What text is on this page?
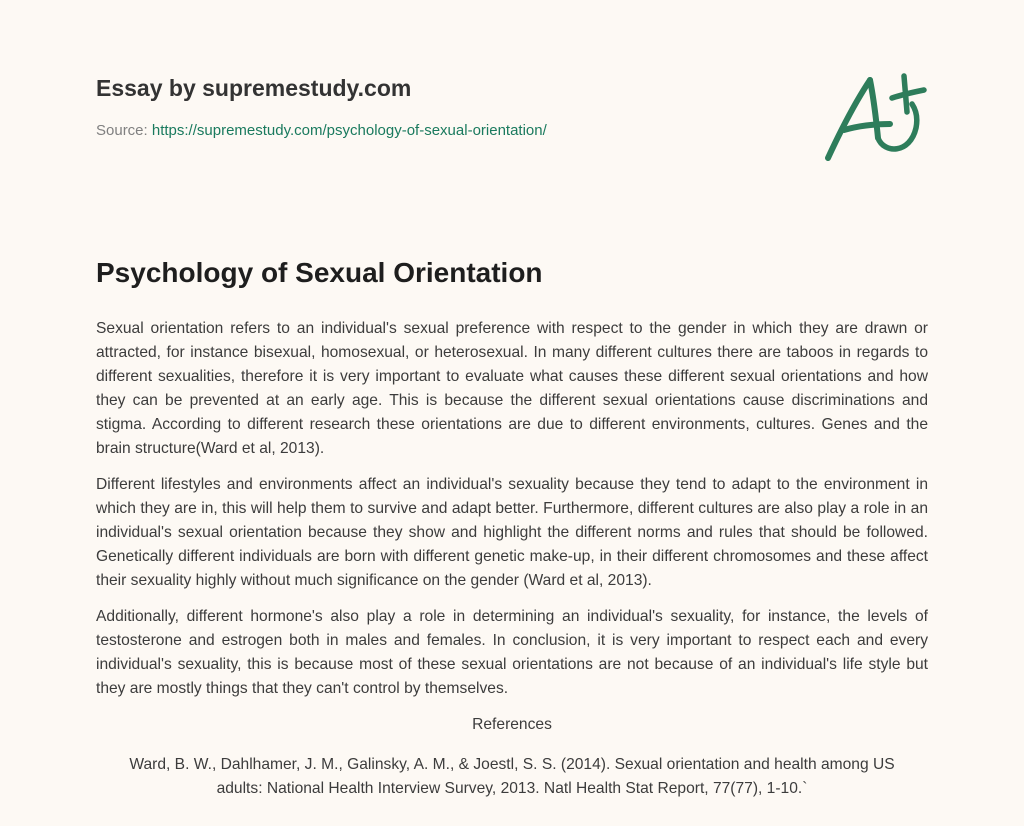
Essay by supremestudy.com
Source: https://supremestudy.com/psychology-of-sexual-orientation/
Psychology of Sexual Orientation

Sexual orientation refers to an individual's sexual preference with respect to the gender in which they are drawn or attracted, for instance bisexual, homosexual, or heterosexual. In many different cultures there are taboos in regards to different sexualities, therefore it is very important to evaluate what causes these different sexual orientations and how they can be prevented at an early age. This is because the different sexual orientations cause discriminations and stigma. According to different research these orientations are due to different environments, cultures. Genes and the brain structure(Ward et al, 2013).

Different lifestyles and environments affect an individual's sexuality because they tend to adapt to the environment in which they are in, this will help them to survive and adapt better. Furthermore, different cultures are also play a role in an individual's sexual orientation because they show and highlight the different norms and rules that should be followed. Genetically different individuals are born with different genetic make-up, in their different chromosomes and these affect their sexuality highly without much significance on the gender (Ward et al, 2013).

Additionally, different hormone's also play a role in determining an individual's sexuality, for instance, the levels of testosterone and estrogen both in males and females. In conclusion, it is very important to respect each and every individual's sexuality, this is because most of these sexual orientations are not because of an individual's life style but they are mostly things that they can't control by themselves.

References

Ward, B. W., Dahlhamer, J. M., Galinsky, A. M., & Joestl, S. S. (2014). Sexual orientation and health among US adults: National Health Interview Survey, 2013. Natl Health Stat Report, 77(77), 1-10.`
